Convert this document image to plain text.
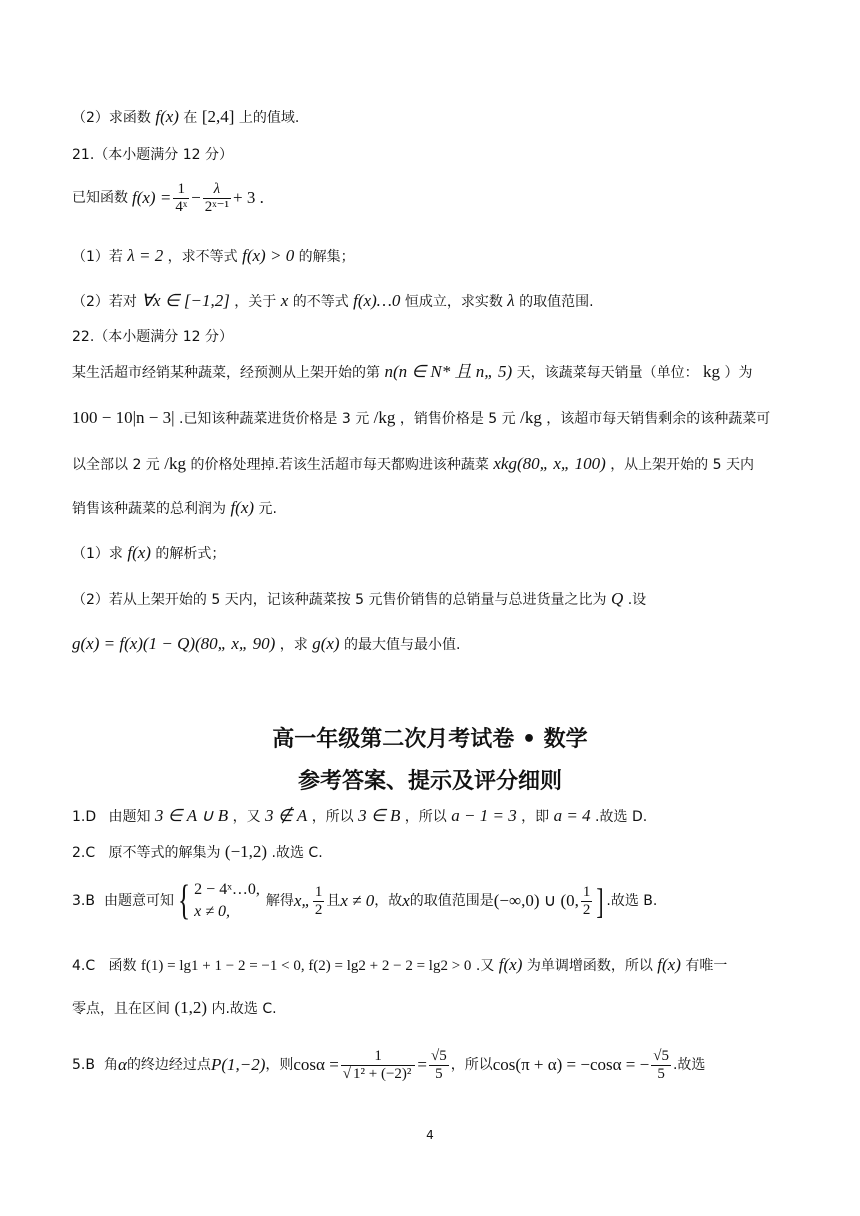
（2）求函数 f(x) 在 [2,4] 上的值域.
21.（本小题满分 12 分）
已知函数 $f(x) = \frac{1}{\text{4ˣ}} - \frac{\lambda}{\text{2ˣ⁻¹}} + 3$ .
（1）若 λ = 2 ，求不等式 f(x) > 0 的解集；
（2）若对 ∀x ∈ [−1,2] ，关于 x 的不等式 f(x)…0 恒成立，求实数 λ 的取值范围.
22.（本小题满分 12 分）
某生活超市经销某种蔬菜，经预测从上架开始的第 n(n ∈ N* 且 n„ 5) 天，该蔬菜每天销量（单位： kg ）为
100 − 10|n − 3| .已知该种蔬菜进货价格是 3 元 /kg ，销售价格是 5 元 /kg ，该超市每天销售剩余的该种蔬菜可
以全部以 2 元 /kg 的价格处理掉.若该生活超市每天都购进该种蔬菜 xkg(80„ x„ 100) ，从上架开始的 5 天内
销售该种蔬菜的总利润为 f(x) 元.
（1）求 f(x) 的解析式；
（2）若从上架开始的 5 天内，记该种蔬菜按 5 元售价销售的总销量与总进货量之比为 Q .设
g(x) = f(x)(1 − Q)(80„ x„ 90) ，求 g(x) 的最大值与最小值.
高一年级第二次月考试卷 • 数学
参考答案、提示及评分细则
1.D 由题知 3 ∈ A ∪ B ，又 3 ∉ A ，所以 3 ∈ B ，所以 a − 1 = 3 ，即 a = 4 .故选 D.
2.C 原不等式的解集为 (−1,2) .故选 C.
3.B 由题意可知 { 2 − 4ˣ…0,
x ≠ 0,
解得 x„ $\frac{1}{2}$ 且 x ≠ 0 ，故 x 的取值范围是 (−∞,0) ∪ (0, $\frac{1}{2}$ ] .故选 B.
4.C 函数 f(1) = lg1 + 1 − 2 = −1 < 0, f(2) = lg2 + 2 − 2 = lg2 > 0 .又 f(x) 为单调增函数，所以 f(x) 有唯一
零点，且在区间 (1,2) 内.故选 C.
5.B 角 α 的终边经过点 P(1,−2) ，则 $\cos\alpha = \frac{1}{\text{√ 1² + (−2)²}} = \frac{√5}{5}$ ，所以 cos(π + α) = −cosα = − $\frac{√5}{5}$ .故选
4
